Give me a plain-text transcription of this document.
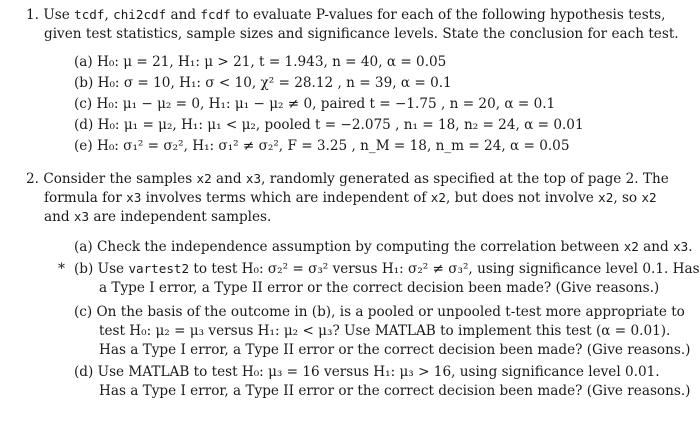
1. Use tcdf, chi2cdf and fcdf to evaluate P-values for each of the following hypothesis tests,
given test statistics, sample sizes and significance levels. State the conclusion for each test.
(a) H₀: μ = 21, H₁: μ > 21, t = 1.943, n = 40, α = 0.05
(b) H₀: σ = 10, H₁: σ < 10, χ² = 28.12 , n = 39, α = 0.1
(c) H₀: μ₁ − μ₂ = 0, H₁: μ₁ − μ₂ ≠ 0, paired t = −1.75 , n = 20, α = 0.1
(d) H₀: μ₁ = μ₂, H₁: μ₁ < μ₂, pooled t = −2.075 , n₁ = 18, n₂ = 24, α = 0.01
(e) H₀: σ₁² = σ₂², H₁: σ₁² ≠ σ₂², F = 3.25 , n_M = 18, n_m = 24, α = 0.05
2. Consider the samples x2 and x3, randomly generated as specified at the top of page 2. The
formula for x3 involves terms which are independent of x2, but does not involve x2, so x2
and x3 are independent samples.
(a) Check the independence assumption by computing the correlation between x2 and x3.
* (b) Use vartest2 to test H₀: σ₂² = σ₃² versus H₁: σ₂² ≠ σ₃², using significance level 0.1. Has
a Type I error, a Type II error or the correct decision been made? (Give reasons.)
(c) On the basis of the outcome in (b), is a pooled or unpooled t-test more appropriate to
test H₀: μ₂ = μ₃ versus H₁: μ₂ < μ₃? Use MATLAB to implement this test (α = 0.01).
Has a Type I error, a Type II error or the correct decision been made? (Give reasons.)
(d) Use MATLAB to test H₀: μ₃ = 16 versus H₁: μ₃ > 16, using significance level 0.01.
Has a Type I error, a Type II error or the correct decision been made? (Give reasons.)
